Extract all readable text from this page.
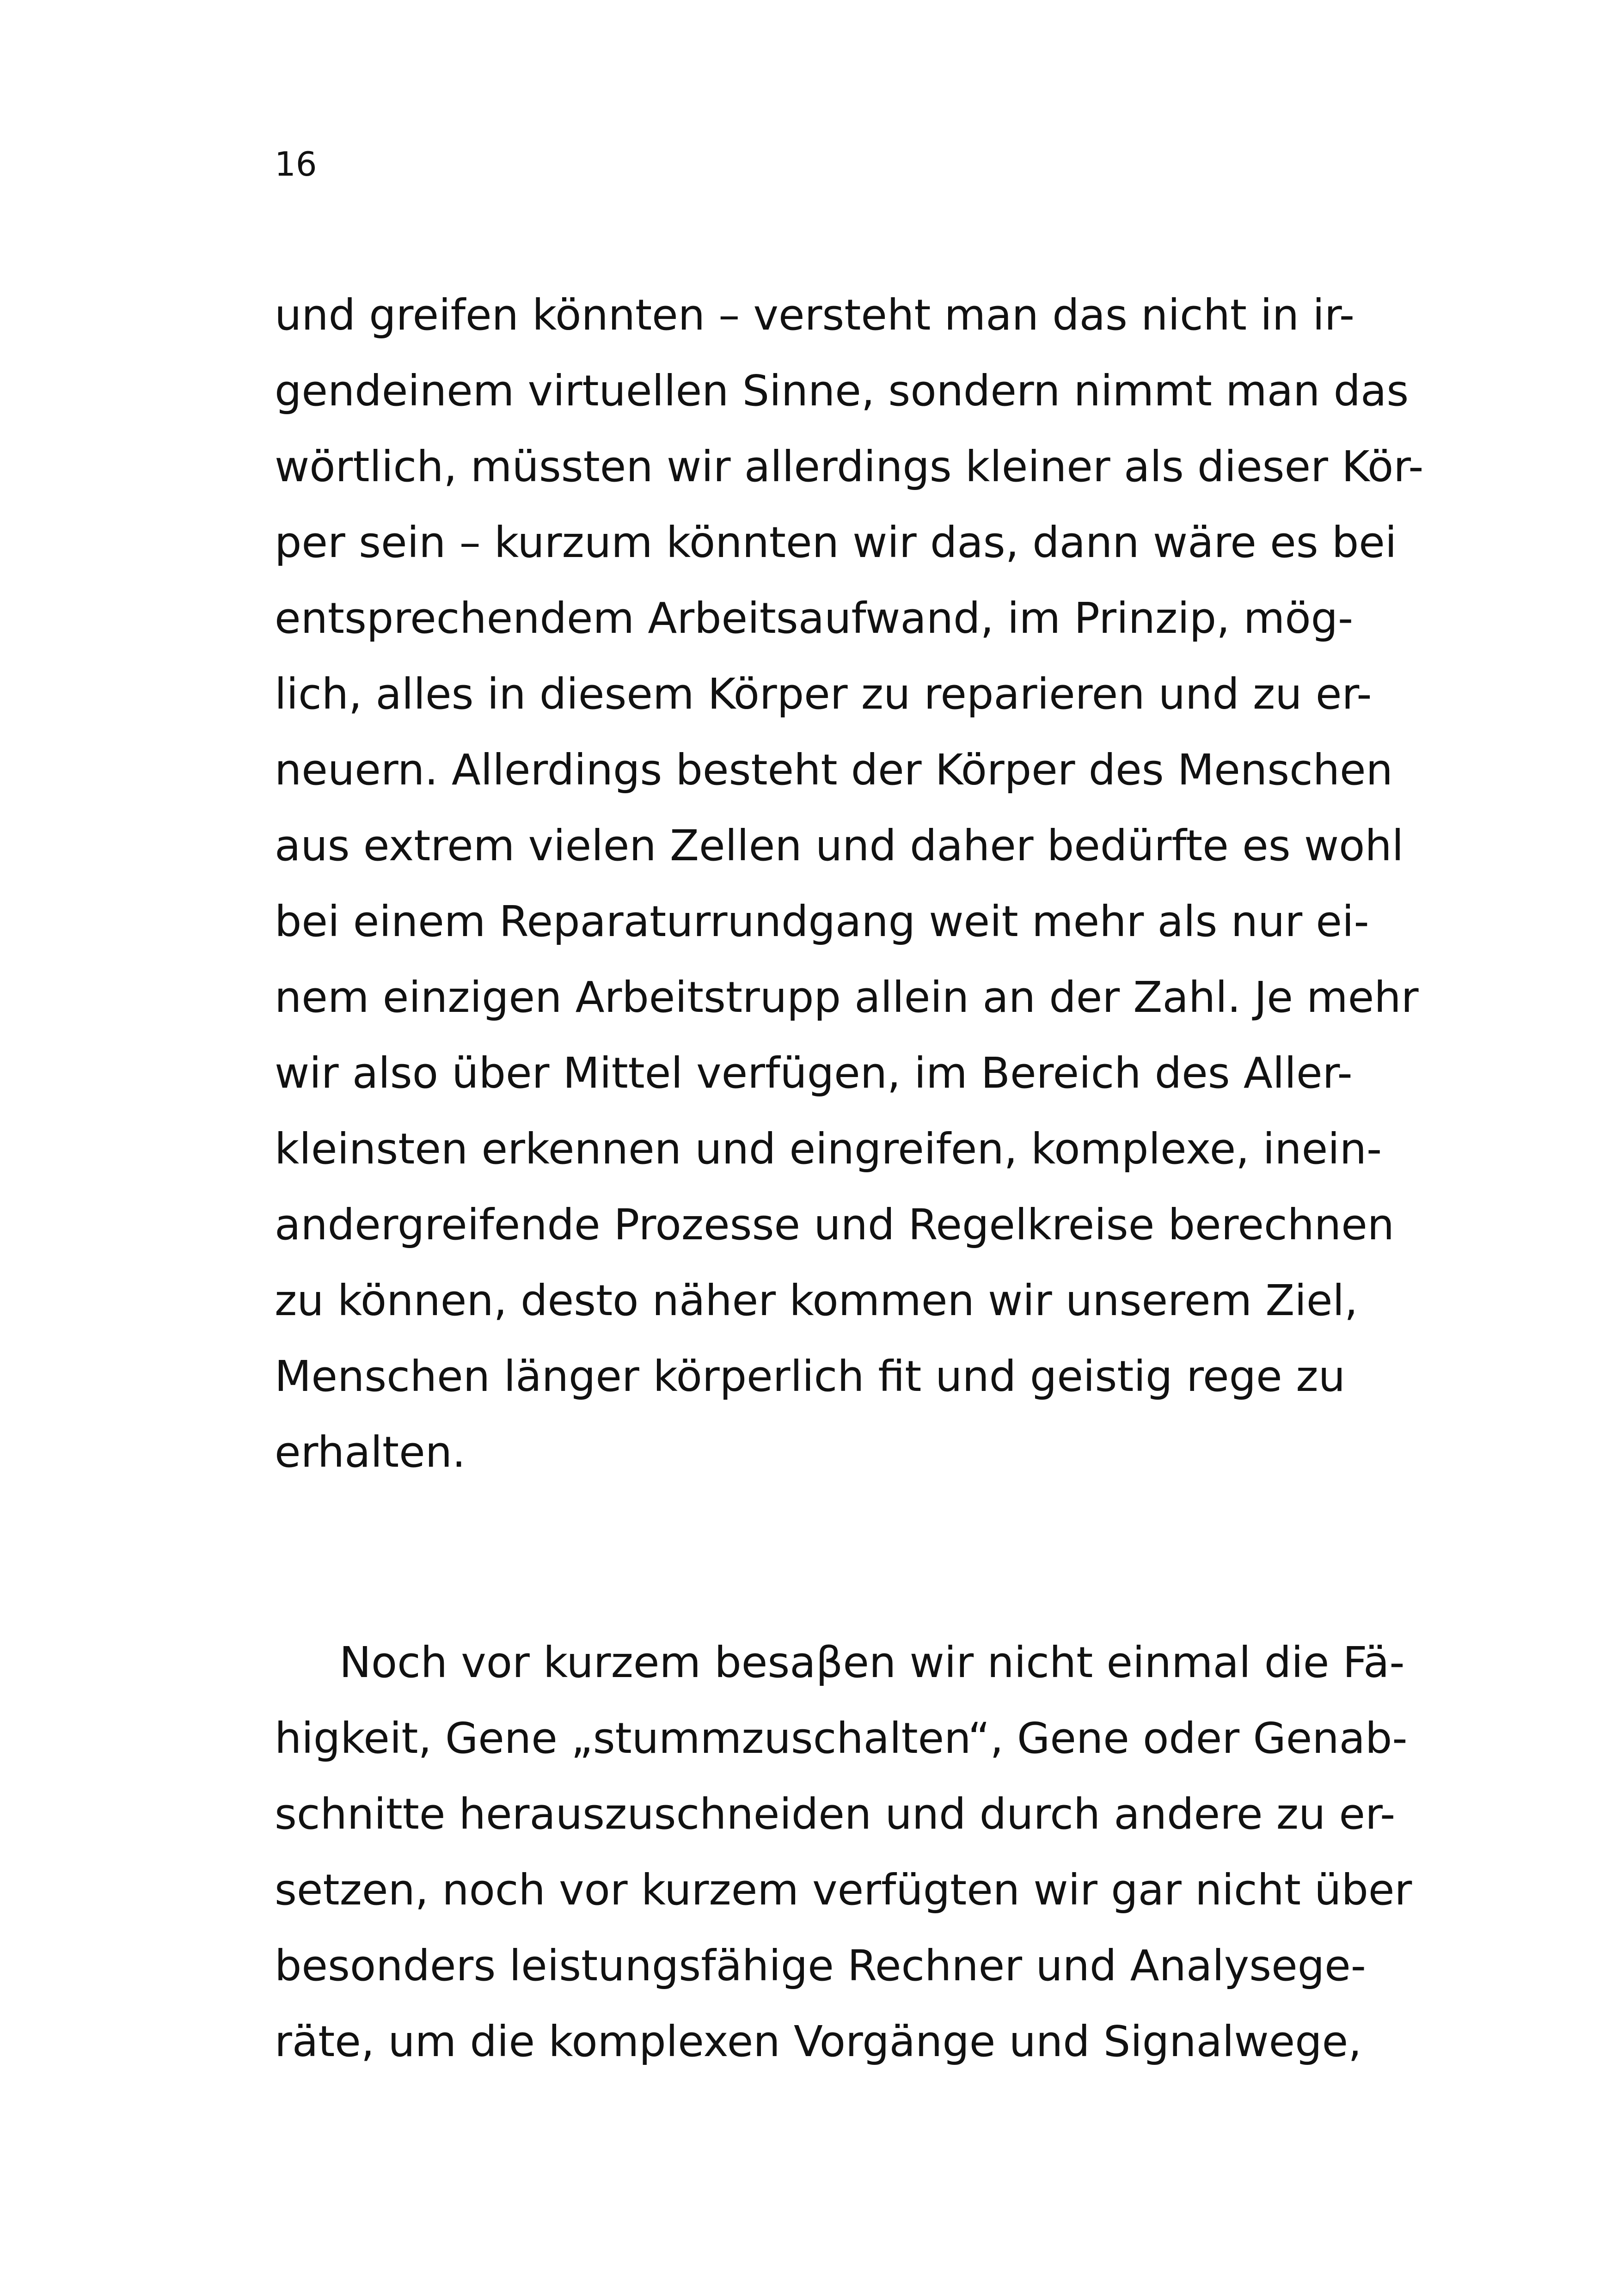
16
und greifen könnten – versteht man das nicht in ir-
gendeinem virtuellen Sinne, sondern nimmt man das
wörtlich, müssten wir allerdings kleiner als dieser Kör-
per sein – kurzum könnten wir das, dann wäre es bei
entsprechendem Arbeitsaufwand, im Prinzip, mög-
lich, alles in diesem Körper zu reparieren und zu er-
neuern. Allerdings besteht der Körper des Menschen
aus extrem vielen Zellen und daher bedürfte es wohl
bei einem Reparaturrundgang weit mehr als nur ei-
nem einzigen Arbeitstrupp allein an der Zahl. Je mehr
wir also über Mittel verfügen, im Bereich des Aller-
kleinsten erkennen und eingreifen, komplexe, inein-
andergreifende Prozesse und Regelkreise berechnen
zu können, desto näher kommen wir unserem Ziel,
Menschen länger körperlich fit und geistig rege zu
erhalten.
Noch vor kurzem besaβen wir nicht einmal die Fä-
higkeit, Gene „stummzuschalten“, Gene oder Genab-
schnitte herauszuschneiden und durch andere zu er-
setzen, noch vor kurzem verfügten wir gar nicht über
besonders leistungsfähige Rechner und Analysege-
räte, um die komplexen Vorgänge und Signalwege,
